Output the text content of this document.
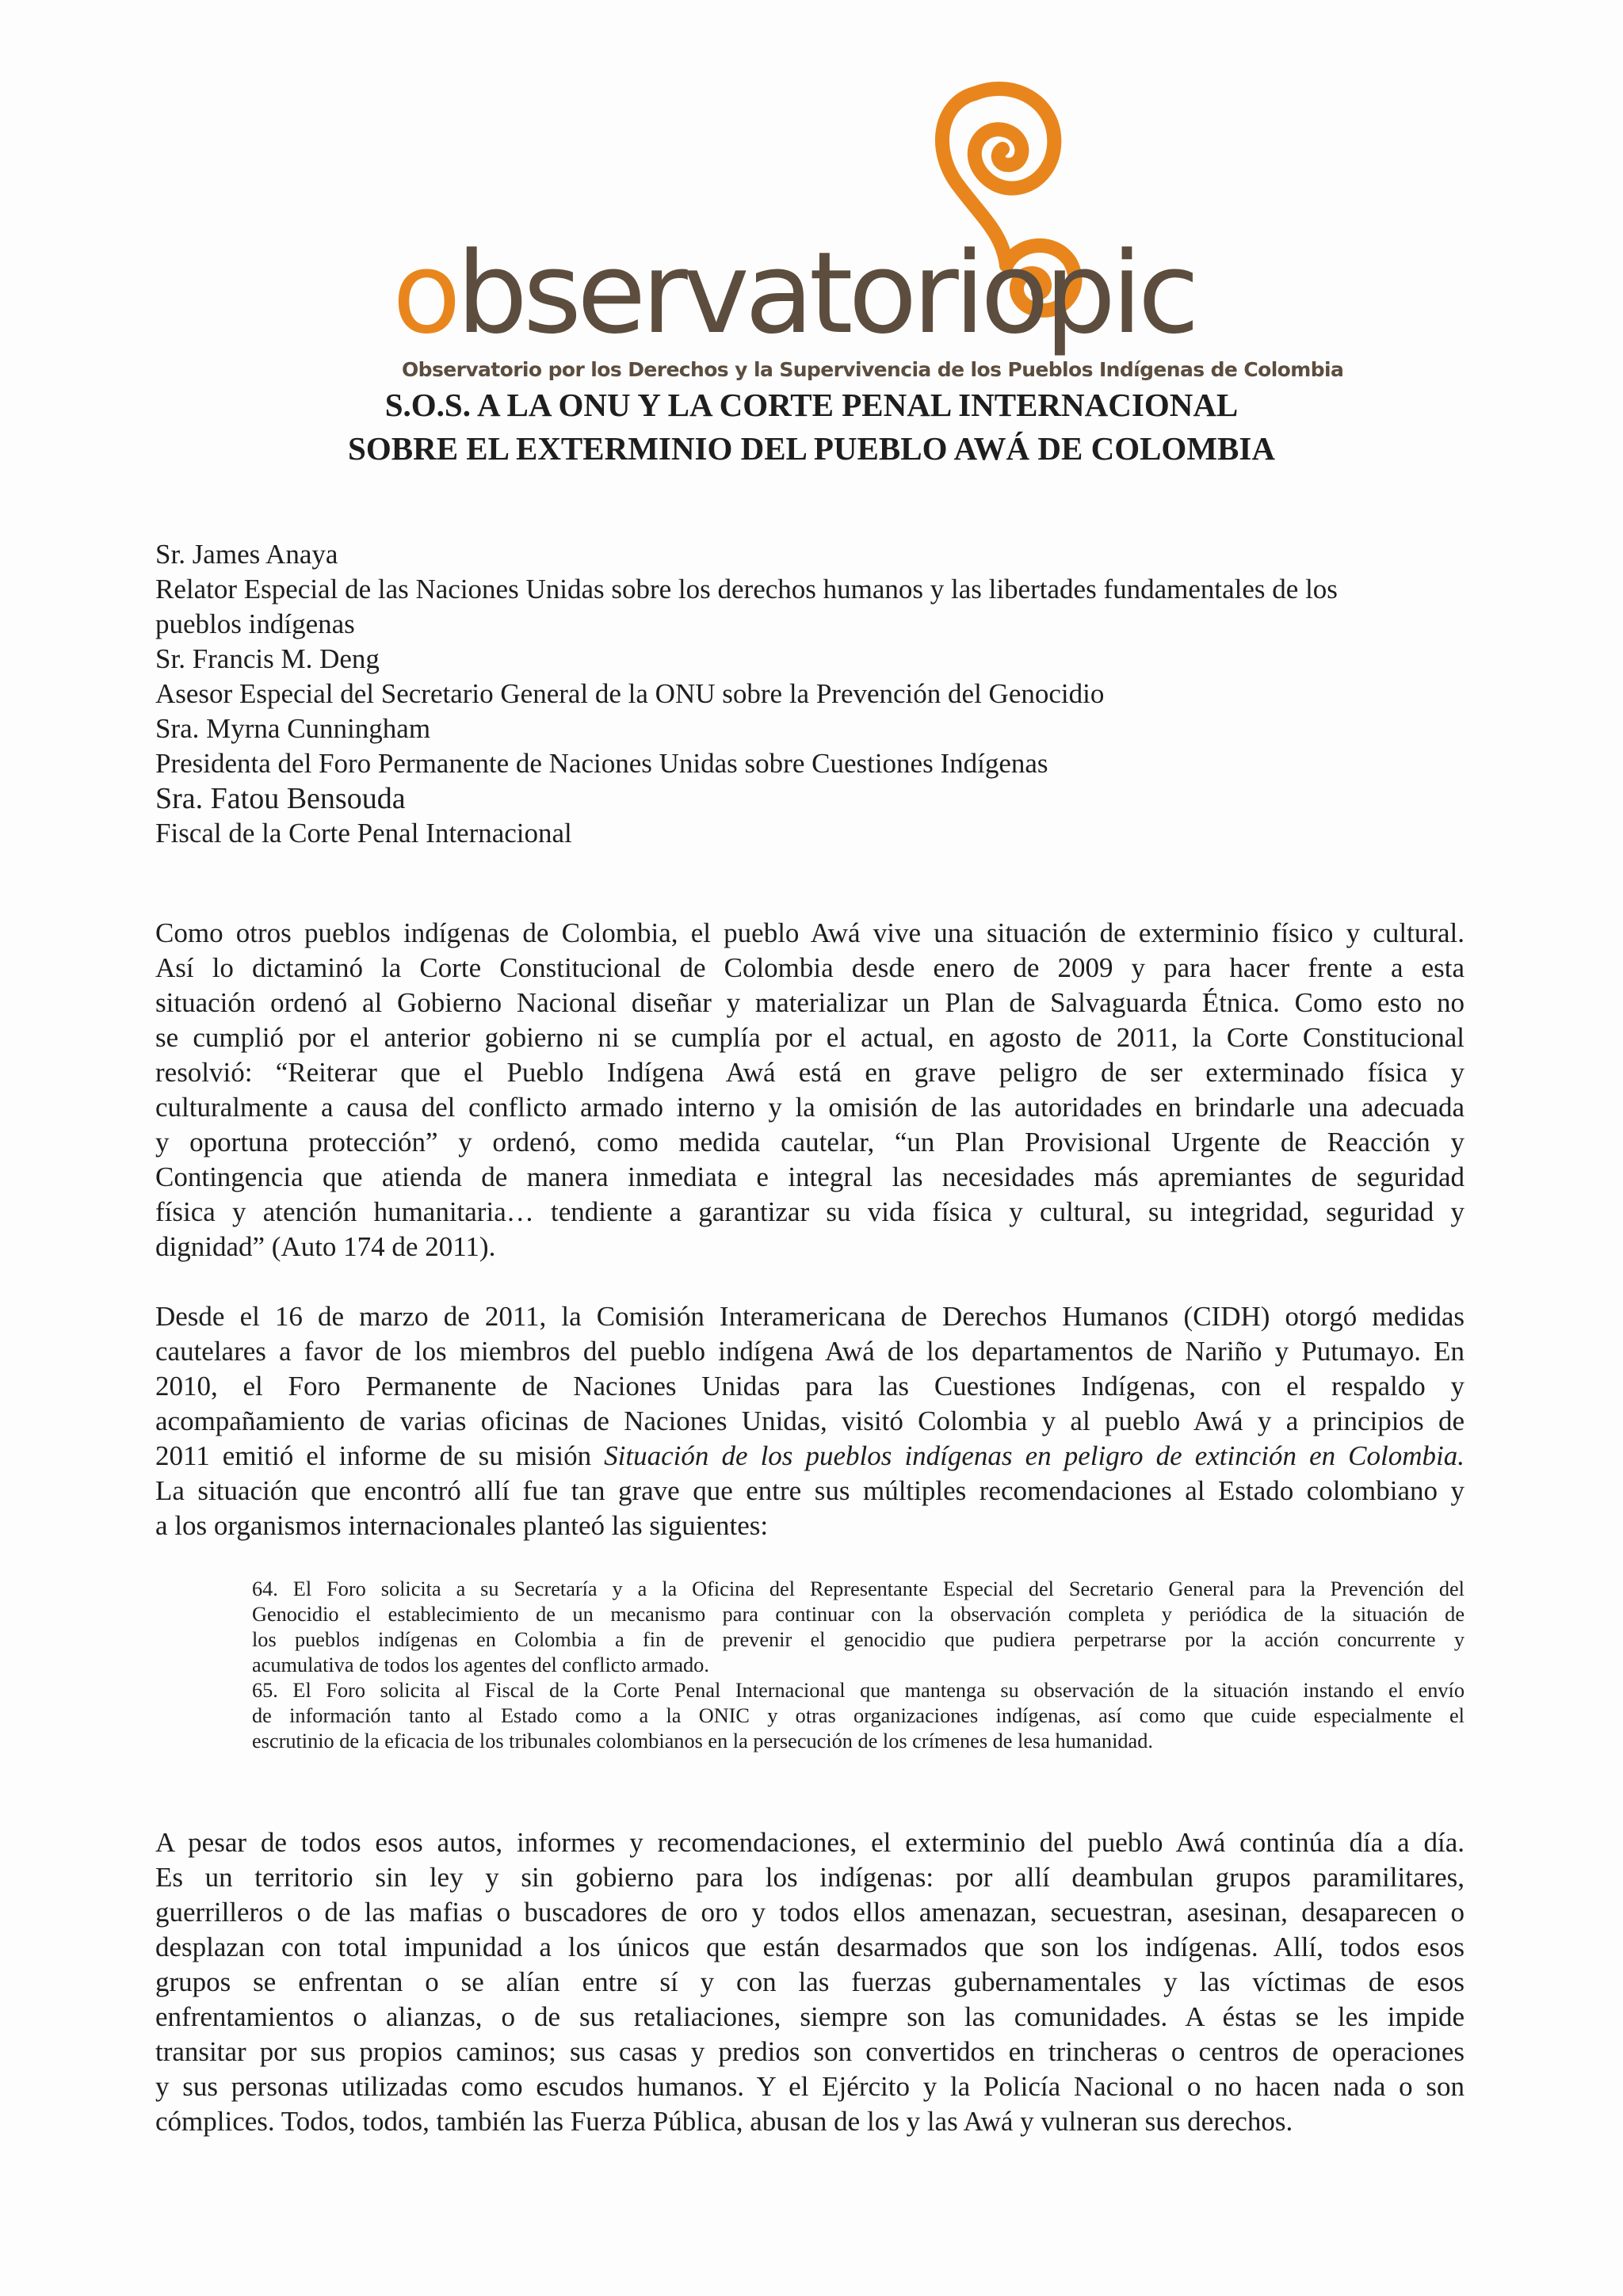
observatoriopic
Observatorio por los Derechos y la Supervivencia de los Pueblos Indígenas de Colombia
S.O.S. A LA ONU Y LA CORTE PENAL INTERNACIONAL
SOBRE EL EXTERMINIO DEL PUEBLO AWÁ DE COLOMBIA
Sr. James Anaya
Relator Especial de las Naciones Unidas sobre los derechos humanos y las libertades fundamentales de los
pueblos indígenas
Sr. Francis M. Deng
Asesor Especial del Secretario General de la ONU sobre la Prevención del Genocidio
Sra. Myrna Cunningham
Presidenta del Foro Permanente de Naciones Unidas sobre Cuestiones Indígenas
Sra. Fatou Bensouda
Fiscal de la Corte Penal Internacional
Como otros pueblos indígenas de Colombia, el pueblo Awá vive una situación de exterminio físico y cultural.
Así lo dictaminó la Corte Constitucional de Colombia desde enero de 2009 y para hacer frente a esta
situación ordenó al Gobierno Nacional diseñar y materializar un Plan de Salvaguarda Étnica. Como esto no
se cumplió por el anterior gobierno ni se cumplía por el actual, en agosto de 2011, la Corte Constitucional
resolvió: “Reiterar que el Pueblo Indígena Awá está en grave peligro de ser exterminado física y
culturalmente a causa del conflicto armado interno y la omisión de las autoridades en brindarle una adecuada
y oportuna protección” y ordenó, como medida cautelar, “un Plan Provisional Urgente de Reacción y
Contingencia que atienda de manera inmediata e integral las necesidades más apremiantes de seguridad
física y atención humanitaria… tendiente a garantizar su vida física y cultural, su integridad, seguridad y
dignidad” (Auto 174 de 2011).
Desde el 16 de marzo de 2011, la Comisión Interamericana de Derechos Humanos (CIDH) otorgó medidas
cautelares a favor de los miembros del pueblo indígena Awá de los departamentos de Nariño y Putumayo. En
2010, el Foro Permanente de Naciones Unidas para las Cuestiones Indígenas, con el respaldo y
acompañamiento de varias oficinas de Naciones Unidas, visitó Colombia y al pueblo Awá y a principios de
2011 emitió el informe de su misión Situación de los pueblos indígenas en peligro de extinción en Colombia.
La situación que encontró allí fue tan grave que entre sus múltiples recomendaciones al Estado colombiano y
a los organismos internacionales planteó las siguientes:
64. El Foro solicita a su Secretaría y a la Oficina del Representante Especial del Secretario General para la Prevención del
Genocidio el establecimiento de un mecanismo para continuar con la observación completa y periódica de la situación de
los pueblos indígenas en Colombia a fin de prevenir el genocidio que pudiera perpetrarse por la acción concurrente y
acumulativa de todos los agentes del conflicto armado.
65. El Foro solicita al Fiscal de la Corte Penal Internacional que mantenga su observación de la situación instando el envío
de información tanto al Estado como a la ONIC y otras organizaciones indígenas, así como que cuide especialmente el
escrutinio de la eficacia de los tribunales colombianos en la persecución de los crímenes de lesa humanidad.
A pesar de todos esos autos, informes y recomendaciones, el exterminio del pueblo Awá continúa día a día.
Es un territorio sin ley y sin gobierno para los indígenas: por allí deambulan grupos paramilitares,
guerrilleros o de las mafias o buscadores de oro y todos ellos amenazan, secuestran, asesinan, desaparecen o
desplazan con total impunidad a los únicos que están desarmados que son los indígenas. Allí, todos esos
grupos se enfrentan o se alían entre sí y con las fuerzas gubernamentales y las víctimas de esos
enfrentamientos o alianzas, o de sus retaliaciones, siempre son las comunidades. A éstas se les impide
transitar por sus propios caminos; sus casas y predios son convertidos en trincheras o centros de operaciones
y sus personas utilizadas como escudos humanos. Y el Ejército y la Policía Nacional o no hacen nada o son
cómplices. Todos, todos, también las Fuerza Pública, abusan de los y las Awá y vulneran sus derechos.
